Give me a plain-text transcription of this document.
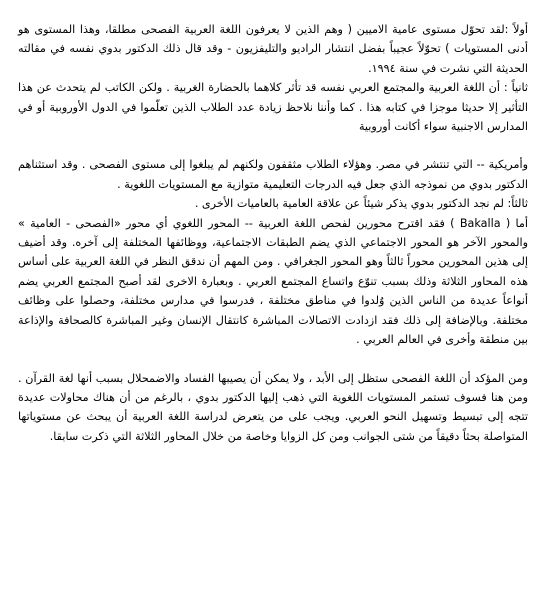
أولاً :لقد تحوّل مستوى عامية الاميين ( وهم الذين لا يعرفون اللغة العربية الفصحى مطلقا، وهذا المستوى هو أدنى المستويات ) تحوّلاً عجيباً بفضل انتشار الراديو والتليفزيون - وقد قال ذلك الدكتور بدوي نفسه في مقالته الحديثة التي نشرت في سنة ١٩٩٤.

ثانياً : أن اللغة العربية والمجتمع العربي نفسه قد تأثر كلاهما بالحضارة الغربية . ولكن الكاتب لم يتحدث عن هذا التأثير إلا حديثا موجزا في كتابه هذا . كما وأننا نلاحظ زيادة عدد الطلاب الذين تعلّموا في الدول الأوروبية أو في المدارس الاجنبية سواء أكانت أوروبية

وأمريكية -- التي تنتشر في مصر. وهؤلاء الطلاب مثقفون ولكنهم لم يبلغوا إلى مستوى الفصحى . وقد استثناهم الدكتور بدوي من نموذجه الذي جعل فيه الدرجات التعليمية متوازية مع المستويات اللغوية .

ثالثاً: لم نجد الدكتور بدوي يذكر شيئاً عن علاقة العامية بالعاميات الأخرى .

أما ( Bakalla ) فقد اقترح محورين لفحص اللغة العربية -- المحور اللغوي أي محور «الفصحى - العامية » والمحور الآخر هو المحور الاجتماعي الذي يضم الطبقات الاجتماعية، ووظائفها المختلفة إلى آخره. وقد أضيف إلى هذين المحورين محوراً ثالثاً وهو المحور الجغرافي . ومن المهم أن ندقق النظر في اللغة العربية على أساس هذه المحاور الثلاثة وذلك بسبب تنوّع واتساع المجتمع العربي . وبعبارة الاخرى لقد أصبح المجتمع العربي يضم أنواعاً عديدة من الناس الذين وُلدوا في مناطق مختلفة ، فدرسوا في مدارس مختلفة، وحصلوا على وظائف مختلفة. وبالإضافة إلى ذلك فقد ازدادت الاتصالات المباشرة كانتقال الإنسان وغير المباشرة كالصحافة والإذاعة بين منطقة وأخرى في العالم العربي .

ومن المؤكد أن اللغة الفصحى ستظل إلى الأبد ، ولا يمكن أن يصيبها الفساد والاضمحلال بسبب أنها لغة القرآن . ومن هنا فسوف تستمر المستويات اللغوية التي ذهب إليها الدكتور بدوي ، بالرغم من أن هناك محاولات عديدة تتجه إلى تبسيط وتسهيل النحو العربي. ويجب على من يتعرض لدراسة اللغة العربية أن يبحث عن مستوياتها المتواصلة بحثاً دقيقاً من شتى الجوانب ومن كل الزوايا وخاصة من خلال المحاور الثلاثة التي ذكرت سابقا.
